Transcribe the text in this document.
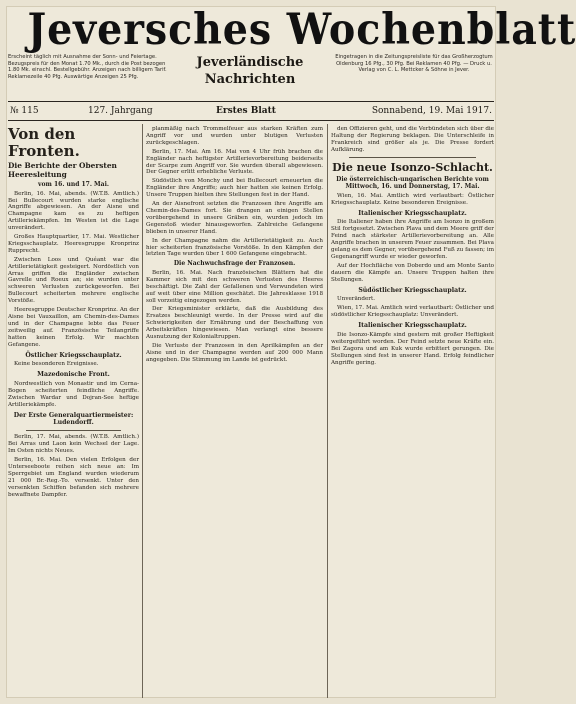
Jeversches Wochenblatt
Erscheint täglich mit Ausnahme der Sonn- und Feiertage. Bezugspreis für den Monat 1.70 Mk., durch die Post bezogen 1.80 Mk. einschl. Bestellgebühr. Anzeigen nach billigem Tarif. Reklamezeile 40 Pfg. Auswärtige Anzeigen 25 Pfg.
Jeverländische
Nachrichten
Eingetragen in die Zeitungspreisliste für das Großherzogtum Oldenburg 16 Pfg., 30 Pfg. Bei Reklamen 40 Pfg. — Druck u. Verlag von C. L. Mettcker & Söhne in Jever.
№ 115	127. Jahrgang	Erstes Blatt	Sonnabend, 19. Mai 1917.
Von den Fronten.
Die Berichte der Obersten Heeresleitung
vom 16. und 17. Mai.

Berlin, 16. Mai, abends. (W.T.B. Amtlich.) Bei Bullecourt wurden starke englische Angriffe abgewiesen. An der Aisne und Champagne kam es zu heftigen Artilleriekämpfen. Im Westen ist die Lage unverändert.

Großes Hauptquartier, 17. Mai. Westlicher Kriegsschauplatz. Heeresgruppe Kronprinz Rupprecht.

Zwischen Loos und Quéant war die Artillerietätigkeit gesteigert. Nordöstlich von Arras griffen die Engländer zwischen Gavrelle und Roeux an; sie wurden unter schweren Verlusten zurückgeworfen. Bei Bullecourt scheiterten mehrere englische Vorstöße.

Heeresgruppe Deutscher Kronprinz. An der Aisne bei Vauxaillon, am Chemin-des-Dames und in der Champagne lebte das Feuer zeitweilig auf. Französische Teilangriffe hatten keinen Erfolg. Wir machten Gefangene.

Östlicher Kriegsschauplatz.

Keine besonderen Ereignisse.

Mazedonische Front.

Nordwestlich von Monastir und im Cerna-Bogen scheiterten feindliche Angriffe. Zwischen Wardar und Dojran-See heftige Artilleriekämpfe.

Der Erste Generalquartiermeister: Ludendorff.

Berlin, 17. Mai, abends. (W.T.B. Amtlich.) Bei Arras und Laon kein Wechsel der Lage. Im Osten nichts Neues.

Berlin, 16. Mai. Den vielen Erfolgen der Unterseeboote reihen sich neue an: Im Sperrgebiet um England wurden wiederum 21 000 Br.-Reg.-To. versenkt. Unter den versenkten Schiffen befanden sich mehrere bewaffnete Dampfer.

planmäßig nach Trommelfeuer aus starken Kräften zum Angriff vor und wurden unter blutigen Verlusten zurückgeschlagen.

Berlin, 17. Mai. Am 16. Mai von 4 Uhr früh brachen die Engländer nach heftigster Artillerievorbereitung beiderseits der Scarpe zum Angriff vor. Sie wurden überall abgewiesen. Der Gegner erlitt erhebliche Verluste.

Südöstlich von Monchy und bei Bullecourt erneuerten die Engländer ihre Angriffe; auch hier hatten sie keinen Erfolg. Unsere Truppen hielten ihre Stellungen fest in der Hand.

An der Aisnefront setzten die Franzosen ihre Angriffe am Chemin-des-Dames fort. Sie drangen an einigen Stellen vorübergehend in unsere Gräben ein, wurden jedoch im Gegenstoß wieder hinausgeworfen. Zahlreiche Gefangene blieben in unserer Hand.

In der Champagne nahm die Artillerietätigkeit zu. Auch hier scheiterten französische Vorstöße. In den Kämpfen der letzten Tage wurden über 1 600 Gefangene eingebracht.

Die Nachwuchsfrage der Franzosen.

Berlin, 16. Mai. Nach französischen Blättern hat die Kammer sich mit den schweren Verlusten des Heeres beschäftigt. Die Zahl der Gefallenen und Verwundeten wird auf weit über eine Million geschätzt. Die Jahresklasse 1918 soll vorzeitig eingezogen werden.

Der Kriegsminister erklärte, daß die Ausbildung des Ersatzes beschleunigt werde. In der Presse wird auf die Schwierigkeiten der Ernährung und der Beschaffung von Arbeitskräften hingewiesen. Man verlangt eine bessere Ausnutzung der Kolonialtruppen.

Die Verluste der Franzosen in den Aprilkämpfen an der Aisne und in der Champagne werden auf 200 000 Mann angegeben. Die Stimmung im Lande ist gedrückt.

den Offizieren geht, und die Verbündeten sich über die Haltung der Regierung beklagen. Die Unterschleife in Frankreich sind größer als je. Die Presse fordert Aufklärung.

Die neue Isonzo-Schlacht.
Die österreichisch-ungarischen Berichte vom Mittwoch, 16. und Donnerstag, 17. Mai.

Wien, 16. Mai. Amtlich wird verlautbart: Östlicher Kriegsschauplatz. Keine besonderen Ereignisse.

Italienischer Kriegsschauplatz.

Die Italiener haben ihre Angriffe am Isonzo in großem Stil fortgesetzt. Zwischen Plava und dem Meere griff der Feind nach stärkster Artillerievorbereitung an. Alle Angriffe brachen in unserem Feuer zusammen. Bei Plava gelang es dem Gegner, vorübergehend Fuß zu fassen; im Gegenangriff wurde er wieder geworfen.

Auf der Hochfläche von Doberdo und am Monte Santo dauern die Kämpfe an. Unsere Truppen halten ihre Stellungen.

Südöstlicher Kriegsschauplatz.

Unverändert.

Wien, 17. Mai. Amtlich wird verlautbart: Östlicher und südöstlicher Kriegsschauplatz: Unverändert.

Italienischer Kriegsschauplatz.

Die Isonzo-Kämpfe sind gestern mit großer Heftigkeit weitergeführt worden. Der Feind setzte neue Kräfte ein. Bei Zagora und am Kuk wurde erbittert gerungen. Die Stellungen sind fest in unserer Hand. Erfolg feindlicher Angriffe gering.
